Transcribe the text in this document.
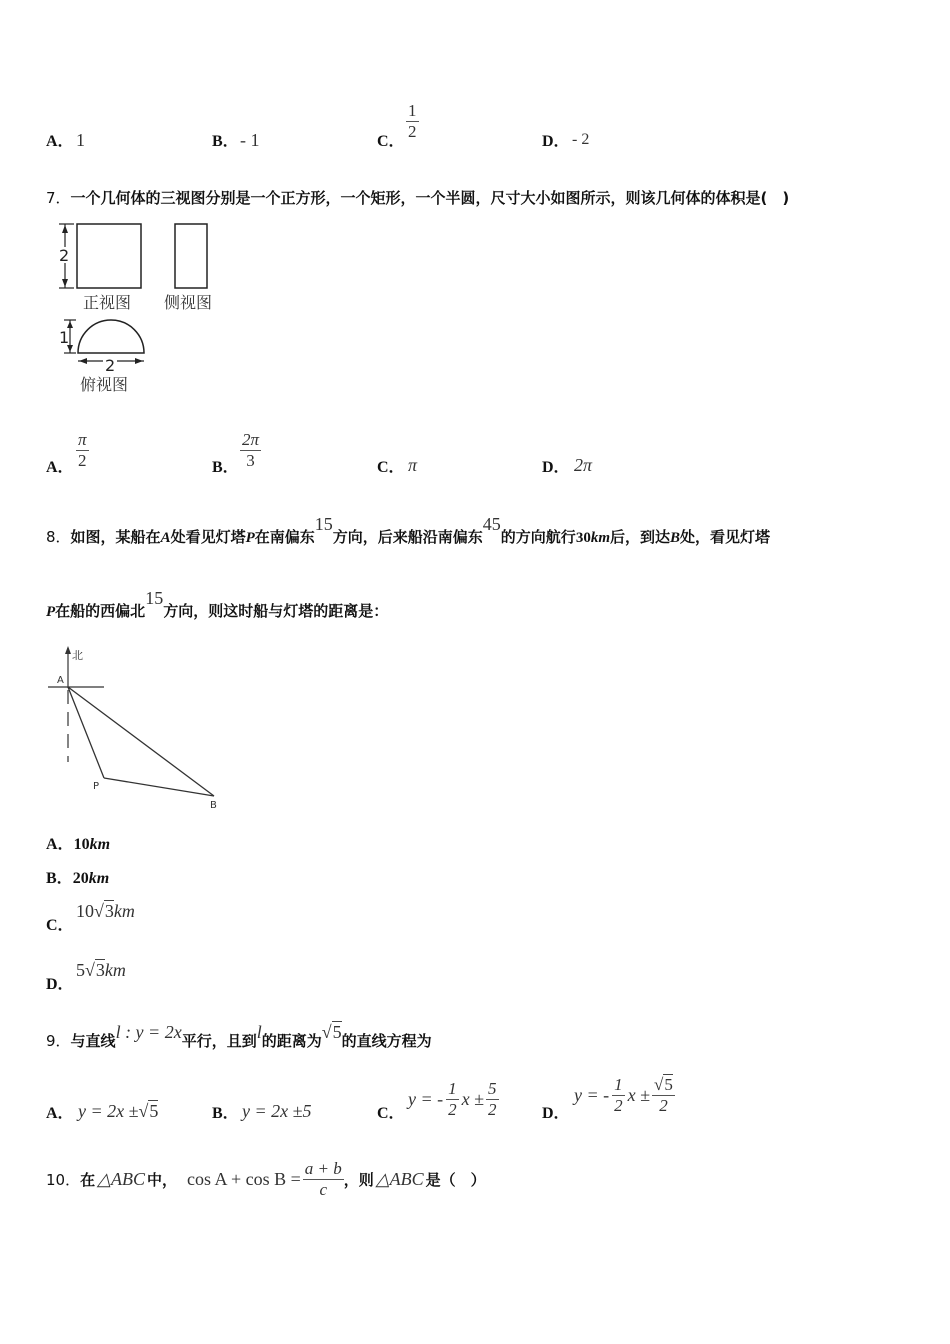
A． 1	B． - 1	C．
$\frac{1}{2}$
D． - 2
7．一个几何体的三视图分别是一个正方形，一个矩形，一个半圆，尺寸大小如图所示，则该几何体的体积是(　)
2
正视图 侧视图
1
2
俯视图
A． $\frac{\pi}{2}$	B． $\frac{2\pi}{3}$	C． π	D． 2π
8．如图，某船在A处看见灯塔P在南偏东15方向，后来船沿南偏东45的方向航行30km后，到达B处，看见灯塔
P在船的西偏北15方向，则这时船与灯塔的距离是：
北
A
P
B
A．10km
B．20km
C．
10√3km
D．
5√3km
9．与直线l : y = 2x平行，且到l的距离为√5的直线方程为
A． y = 2x ±√5	B． y = 2x ±5	C．
y = - $\frac{1}{2}$ $x \pm \frac{5}{2}$	D．
y = - $\frac{1}{2}$ $x \pm \frac{√5}{2}$
10． 在 △ABC 中， $\cos A + \cos B = \frac{a + b}{c}$ ，则 △ABC 是（　）
